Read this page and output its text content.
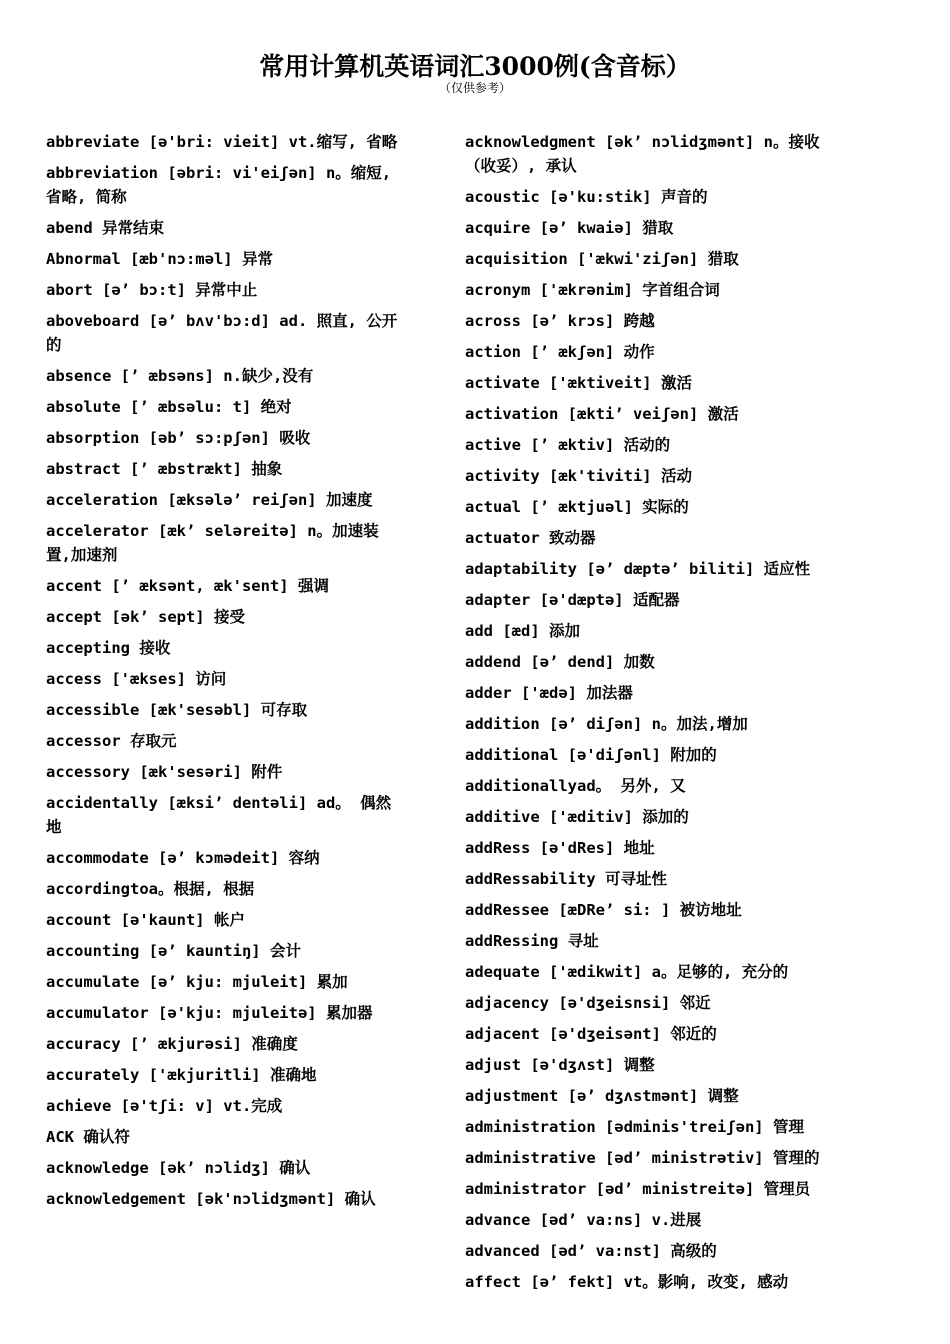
常用计算机英语词汇3000例(含音标）
（仅供参考）
abbreviate [ə'bri: vieit] vt.缩写, 省略
abbreviation [əbri: vi'eiʃən] n。缩短, 省略, 简称
abend 异常结束
Abnormal [æb'nɔ:məl] 异常
abort [ə’ bɔ:t] 异常中止
aboveboard [ə’ bʌv'bɔ:d] ad. 照直, 公开的
absence [’ æbsəns] n.缺少,没有
absolute [’ æbsəlu: t] 绝对
absorption [əb’ sɔ:pʃən] 吸收
abstract [’ æbstrækt] 抽象
acceleration [æksələ’ reiʃən] 加速度
accelerator [æk’ seləreitə] n。加速装置,加速剂
accent [’ æksənt, æk'sent] 强调
accept [ək’ sept] 接受
accepting 接收
access ['ækses] 访问
accessible [æk'sesəbl] 可存取
accessor 存取元
accessory [æk'sesəri] 附件
accidentally [æksi’ dentəli] ad。 偶然地
accommodate [ə’ kɔmədeit] 容纳
accordingtoa。根据, 根据
account [ə'kaunt] 帐户
accounting [ə’ kauntiŋ] 会计
accumulate [ə’ kju: mjuleit] 累加
accumulator [ə'kju: mjuleitə] 累加器
accuracy [’ ækjurəsi] 准确度
accurately ['ækjuritli] 准确地
achieve [ə'tʃi: v] vt.完成
ACK 确认符
acknowledge [ək’ nɔlidʒ] 确认
acknowledgement [ək'nɔlidʒmənt] 确认
acknowledgment [ək’ nɔlidʒmənt] n。接收（收妥）, 承认
acoustic [ə'ku:stik] 声音的
acquire [ə’ kwaiə] 猎取
acquisition ['ækwi'ziʃən] 猎取
acronym ['ækrənim] 字首组合词
across [ə’ krɔs] 跨越
action [’ ækʃən] 动作
activate ['æktiveit] 激活
activation [ækti’ veiʃən] 激活
active [’ æktiv] 活动的
activity [æk'tiviti] 活动
actual [’ æktjuəl] 实际的
actuator 致动器
adaptability [ə’ dæptə’ biliti] 适应性
adapter [ə'dæptə] 适配器
add [æd] 添加
addend [ə’ dend] 加数
adder ['ædə] 加法器
addition [ə’ diʃən] n。加法,增加
additional [ə'diʃənl] 附加的
additionallyad。 另外, 又
additive ['æditiv] 添加的
addRess [ə'dRes] 地址
addRessability 可寻址性
addRessee [æDRe’ si: ] 被访地址
addRessing 寻址
adequate ['ædikwit] a。足够的, 充分的
adjacency [ə'dʒeisnsi] 邻近
adjacent [ə'dʒeisənt] 邻近的
adjust [ə'dʒʌst] 调整
adjustment [ə’ dʒʌstmənt] 调整
administration [ədminis'treiʃən] 管理
administrative [əd’ ministrətiv] 管理的
administrator [əd’ ministreitə] 管理员
advance [əd’ va:ns] v.进展
advanced [əd’ va:nst] 高级的
affect [ə’ fekt] vt。影响, 改变, 感动
